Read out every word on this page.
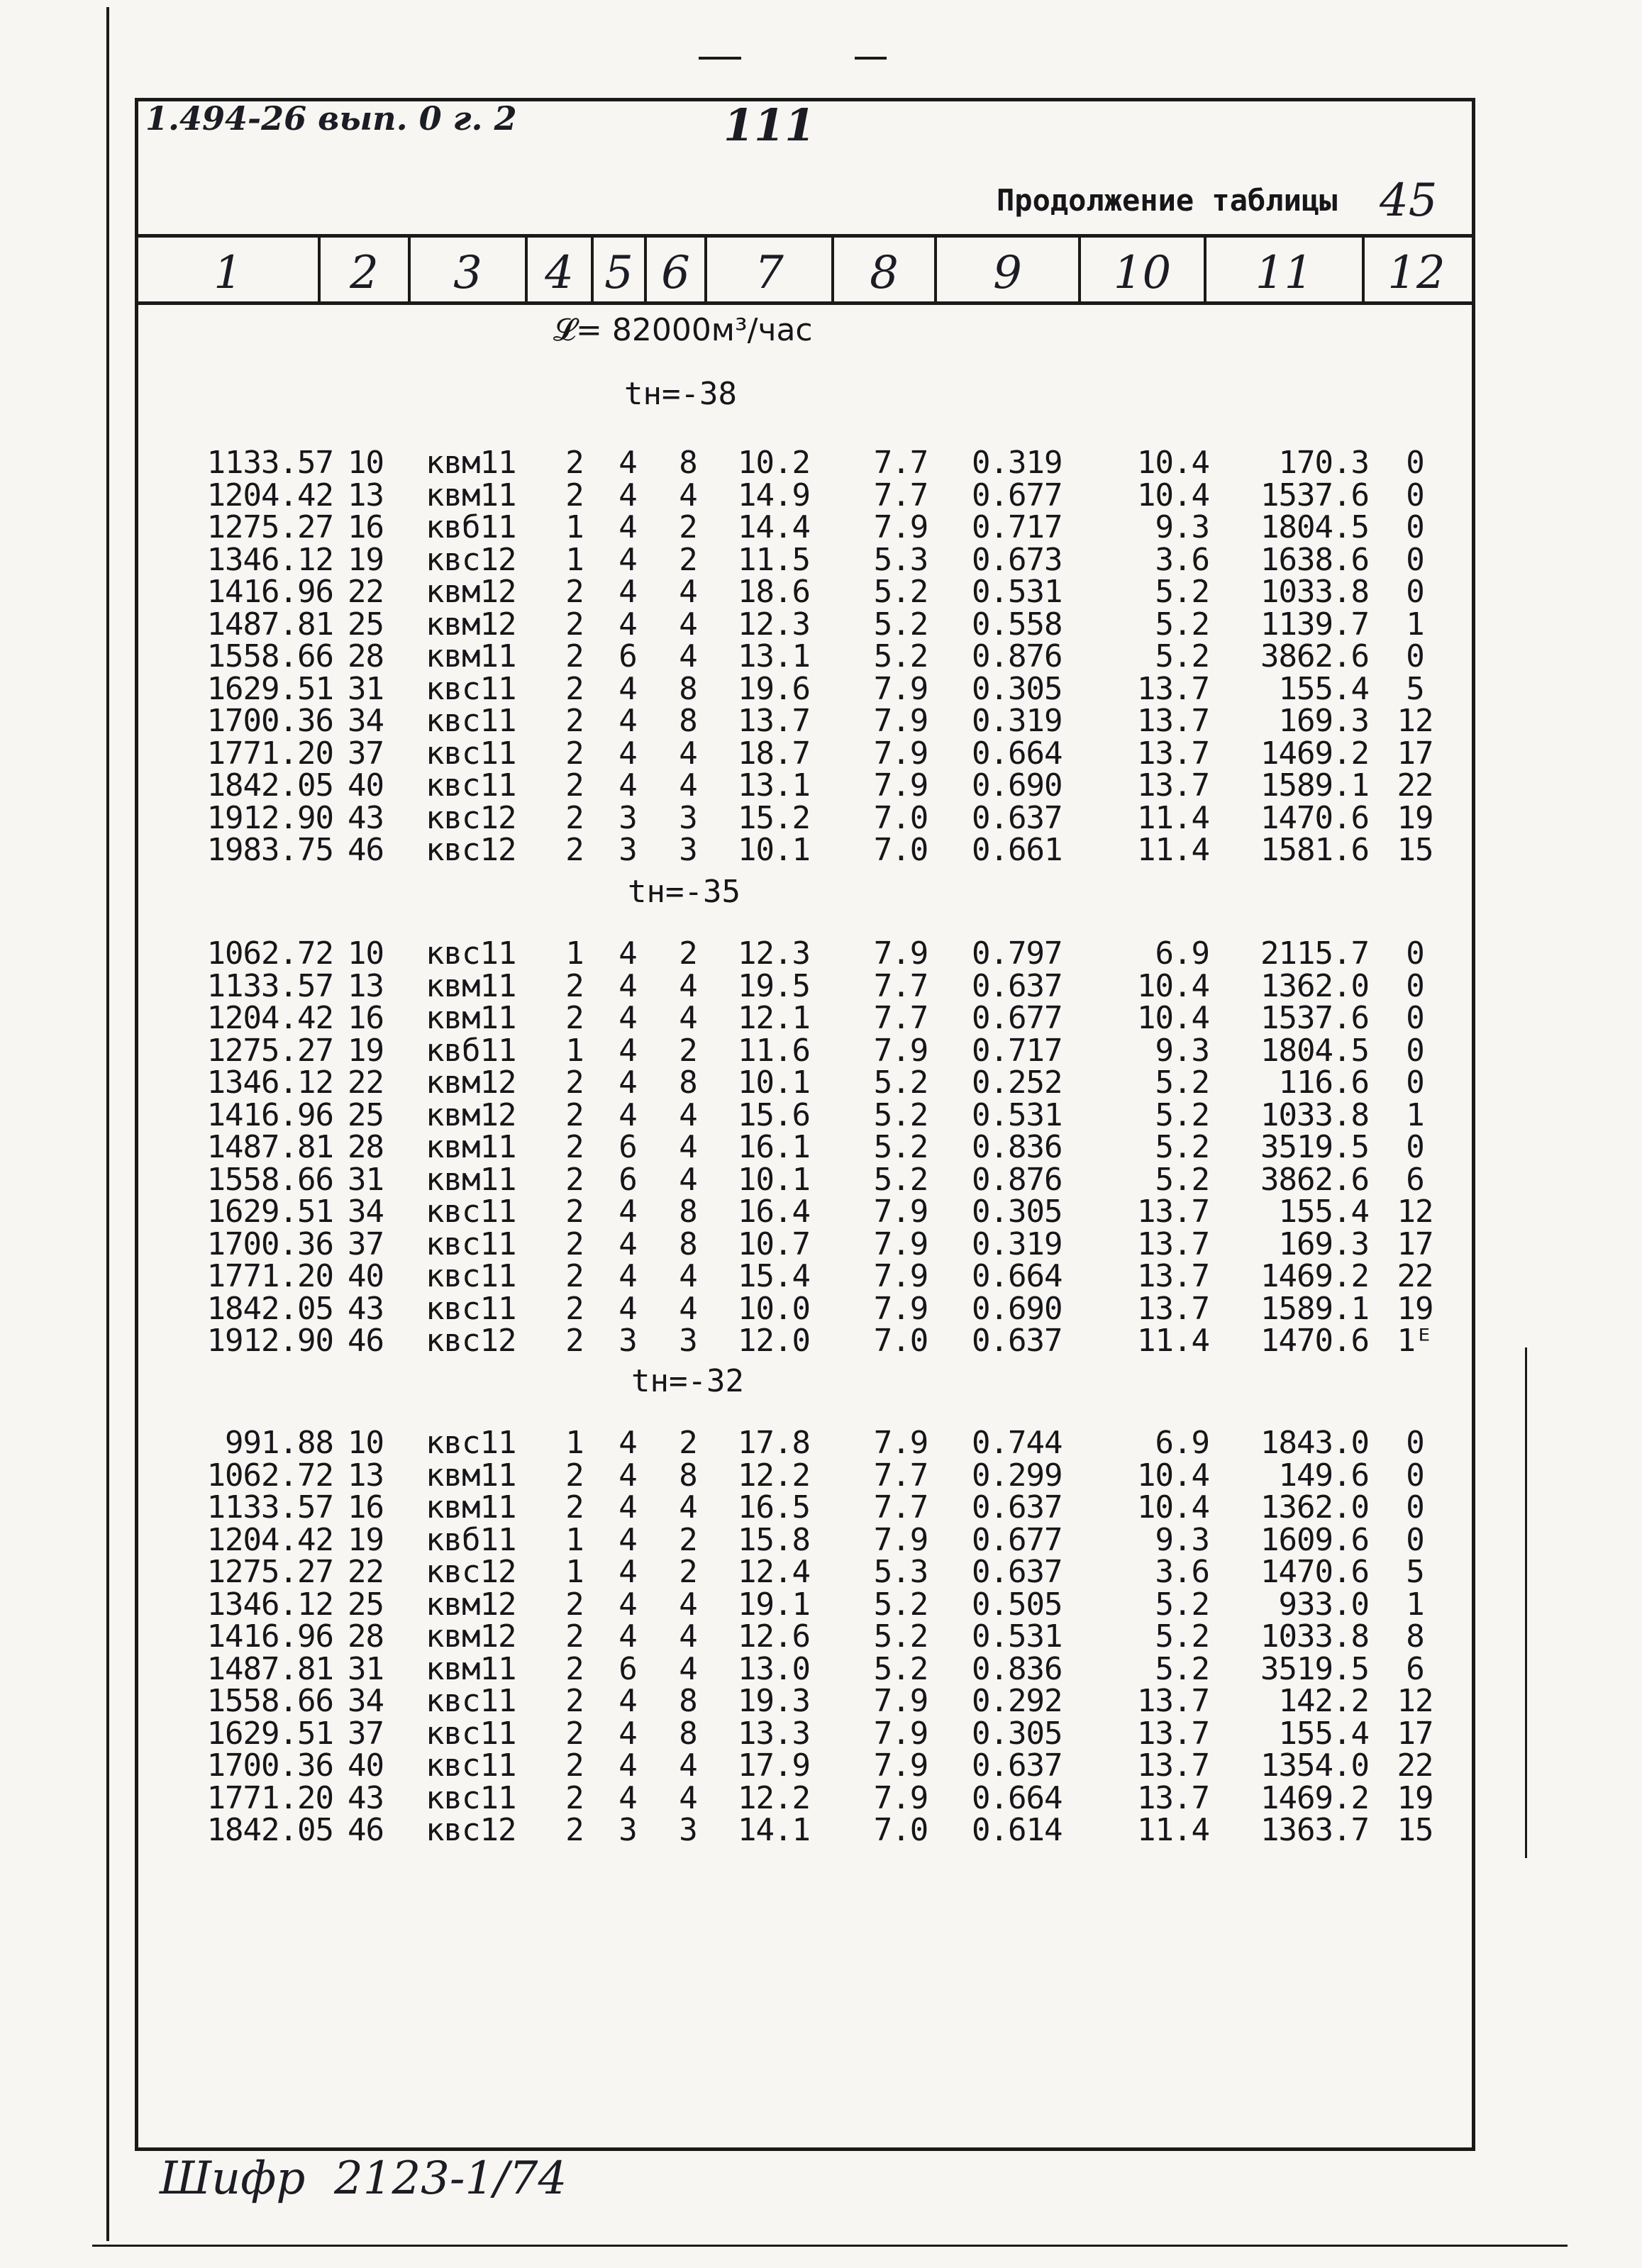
1.494-26 вып. 0 г. 2	111
Продолжение таблицы 45
1	2	3	4 5 6	7	8	9	10	11	12
𝓛= 82000м³/час
tн=-38
tн=-35
tн=-32
1133.57 10	квм11	2 4 8 10.2	7.7	0.319	10.4	170.3	0
1204.42 13	квм11	2 4 4 14.9	7.7	0.677	10.4	1537.6	0
1275.27 16	квб11	1 4 2 14.4	7.9	0.717	9.3	1804.5	0
1346.12 19	квс12	1 4 2 11.5	5.3	0.673	3.6	1638.6	0
1416.96 22	квм12	2 4 4 18.6	5.2	0.531	5.2	1033.8	0
1487.81 25	квм12	2 4 4 12.3	5.2	0.558	5.2	1139.7	1
1558.66 28	квм11	2 6 4 13.1	5.2	0.876	5.2	3862.6	0
1629.51 31	квс11	2 4 8 19.6	7.9	0.305	13.7	155.4	5
1700.36 34	квс11	2 4 8 13.7	7.9	0.319	13.7	169.3 12
1771.20 37	квс11	2 4 4 18.7	7.9	0.664	13.7	1469.2 17
1842.05 40	квс11	2 4 4 13.1	7.9	0.690	13.7	1589.1 22
1912.90 43	квс12	2 3 3 15.2	7.0	0.637	11.4	1470.6 19
1983.75 46	квс12	2 3 3 10.1	7.0	0.661	11.4	1581.6 15
1062.72 10	квс11	1 4 2 12.3	7.9	0.797	6.9	2115.7	0
1133.57 13	квм11	2 4 4 19.5	7.7	0.637	10.4	1362.0	0
1204.42 16	квм11	2 4 4 12.1	7.7	0.677	10.4	1537.6	0
1275.27 19	квб11	1 4 2 11.6	7.9	0.717	9.3	1804.5	0
1346.12 22	квм12	2 4 8 10.1	5.2	0.252	5.2	116.6	0
1416.96 25	квм12	2 4 4 15.6	5.2	0.531	5.2	1033.8	1
1487.81 28	квм11	2 6 4 16.1	5.2	0.836	5.2	3519.5	0
1558.66 31	квм11	2 6 4 10.1	5.2	0.876	5.2	3862.6	6
1629.51 34	квс11	2 4 8 16.4	7.9	0.305	13.7	155.4 12
1700.36 37	квс11	2 4 8 10.7	7.9	0.319	13.7	169.3 17
1771.20 40	квс11	2 4 4 15.4	7.9	0.664	13.7	1469.2 22
1842.05 43	квс11	2 4 4 10.0	7.9	0.690	13.7	1589.1 19
1912.90 46	квс12	2 3 3 12.0	7.0	0.637	11.4	1470.6 1ᴱ
991.88 10	квс11	1 4 2 17.8	7.9	0.744	6.9	1843.0	0
1062.72 13	квм11	2 4 8 12.2	7.7	0.299	10.4	149.6	0
1133.57 16	квм11	2 4 4 16.5	7.7	0.637	10.4	1362.0	0
1204.42 19	квб11	1 4 2 15.8	7.9	0.677	9.3	1609.6	0
1275.27 22	квс12	1 4 2 12.4	5.3	0.637	3.6	1470.6	5
1346.12 25	квм12	2 4 4 19.1	5.2	0.505	5.2	933.0	1
1416.96 28	квм12	2 4 4 12.6	5.2	0.531	5.2	1033.8	8
1487.81 31	квм11	2 6 4 13.0	5.2	0.836	5.2	3519.5	6
1558.66 34	квс11	2 4 8 19.3	7.9	0.292	13.7	142.2 12
1629.51 37	квс11	2 4 8 13.3	7.9	0.305	13.7	155.4 17
1700.36 40	квс11	2 4 4 17.9	7.9	0.637	13.7	1354.0 22
1771.20 43	квс11	2 4 4 12.2	7.9	0.664	13.7	1469.2 19
1842.05 46	квс12	2 3 3 14.1	7.0	0.614	11.4	1363.7 15
Шифр  2123-1/74
